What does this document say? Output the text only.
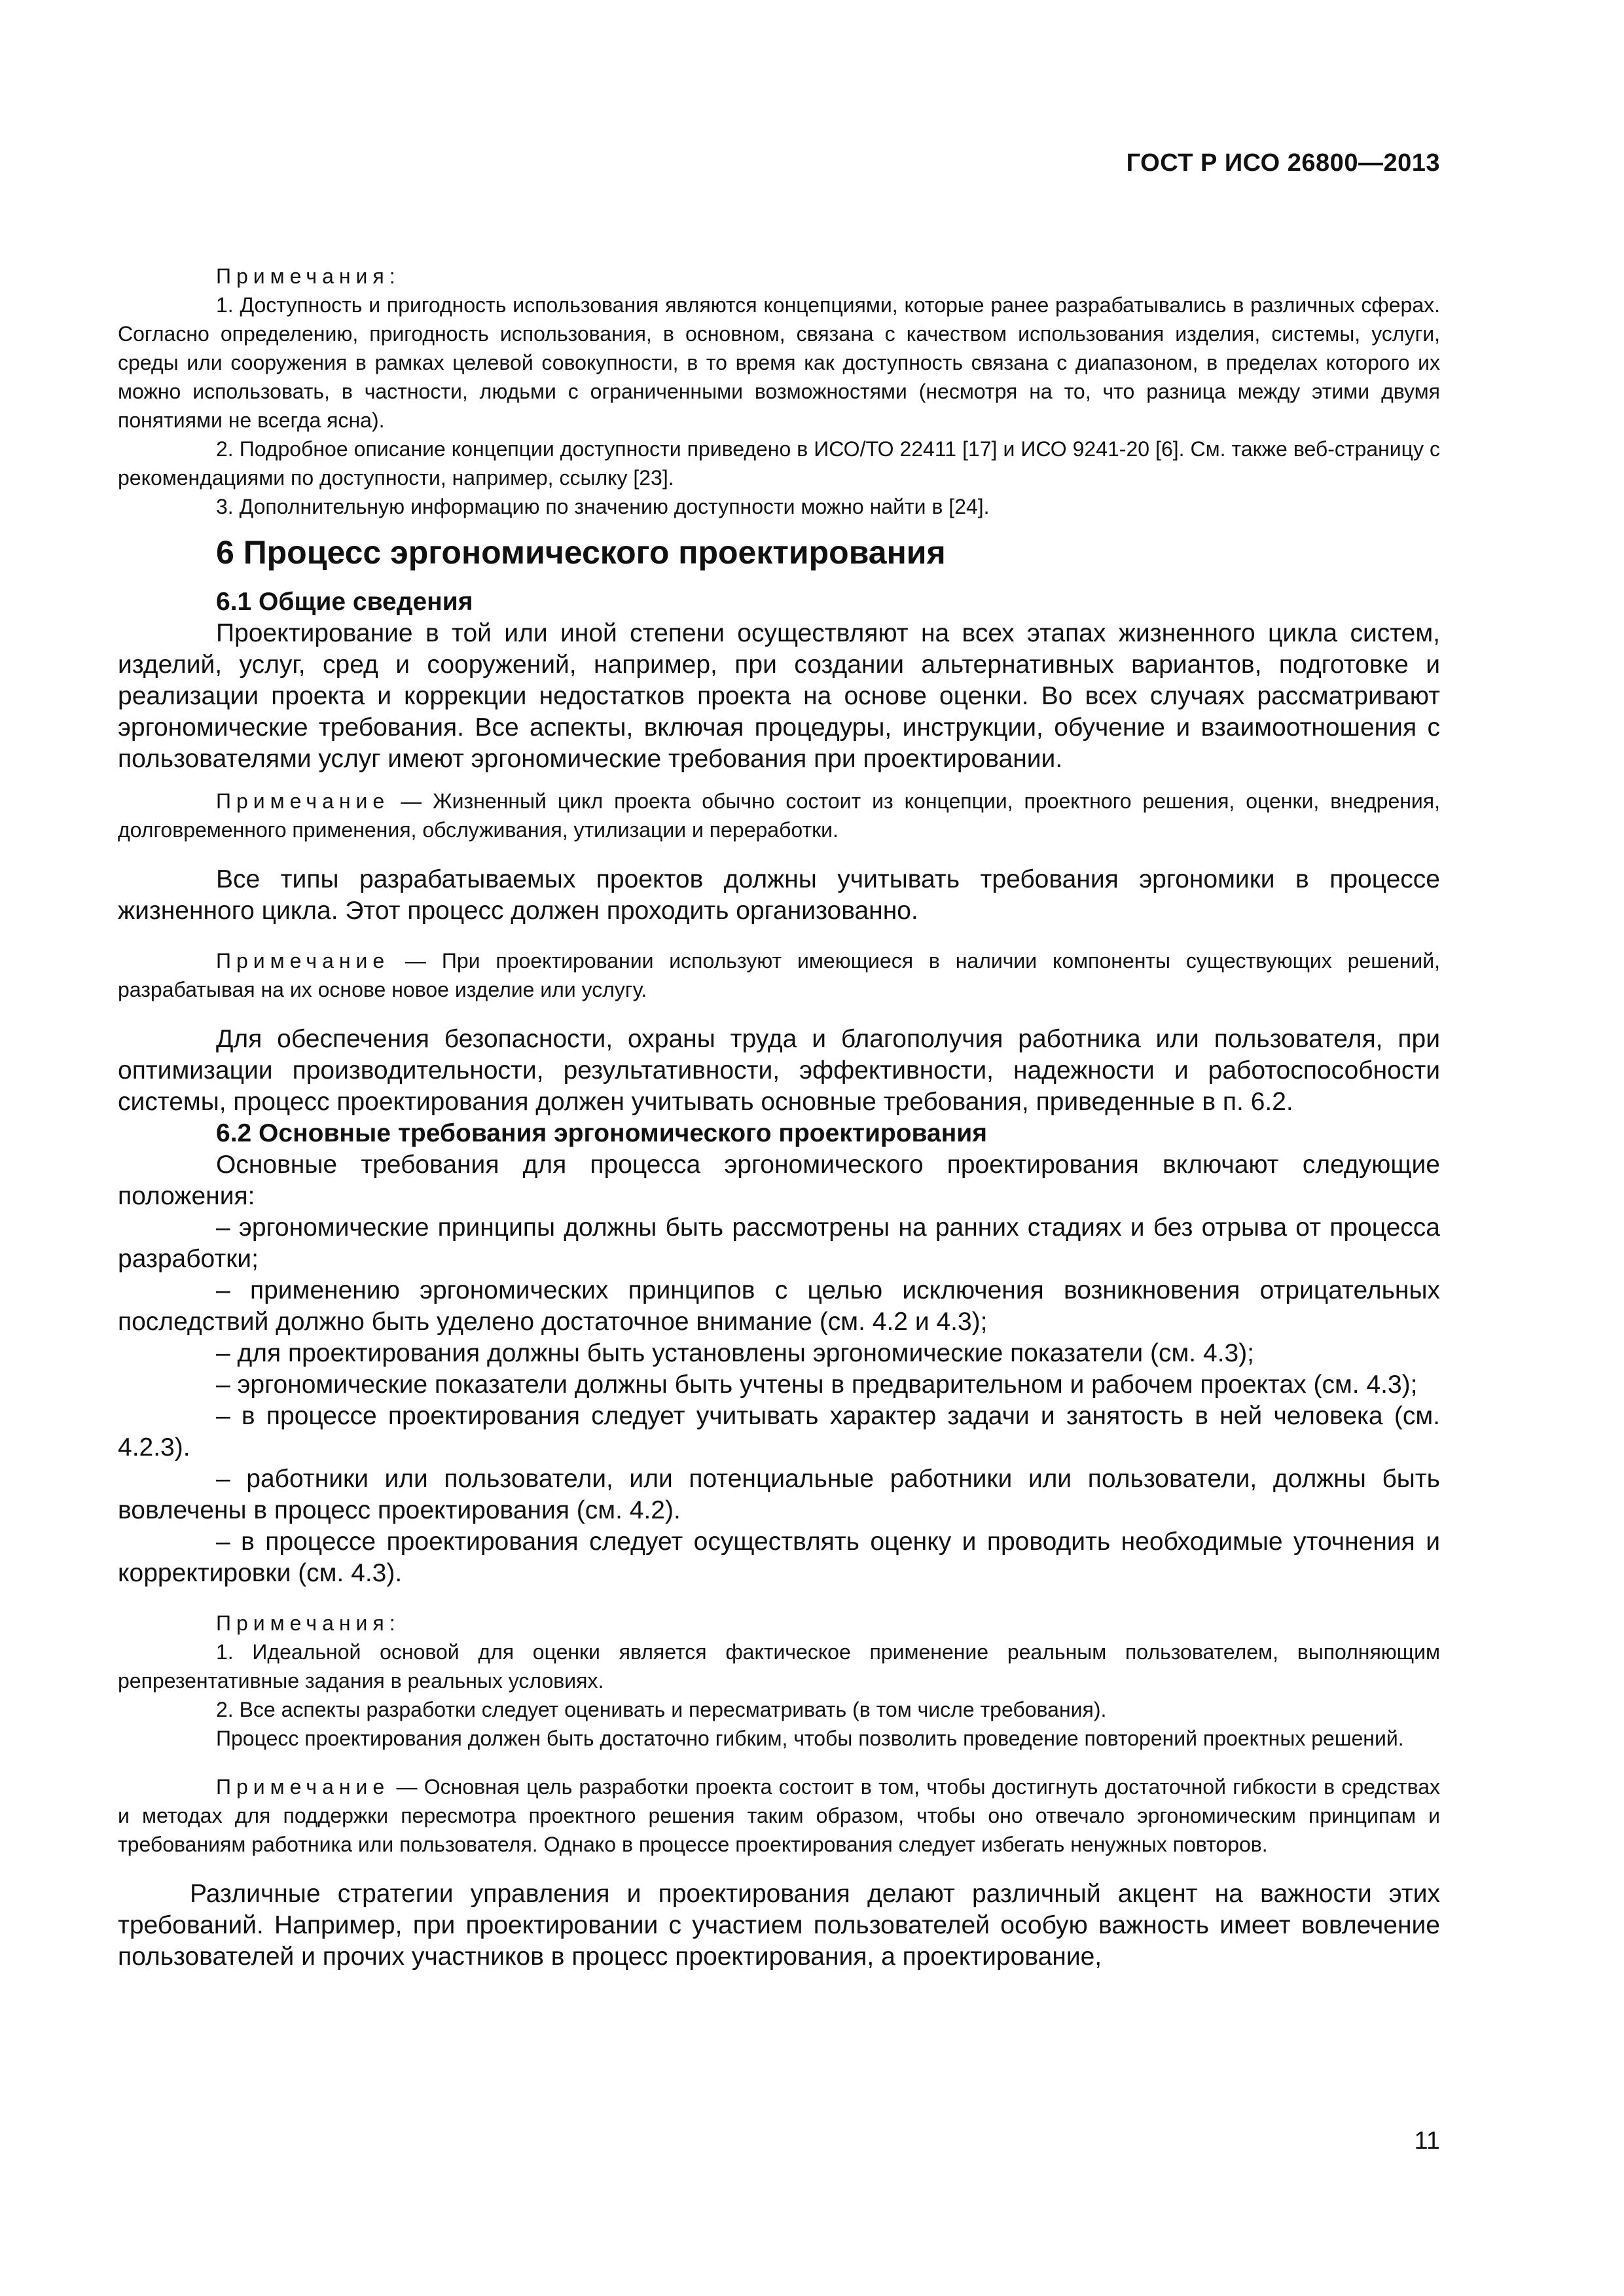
ГОСТ Р ИСО 26800—2013

Примечания:

1. Доступность и пригодность использования являются концепциями, которые ранее разрабатывались в различных сферах. Согласно определению, пригодность использования, в основном, связана с качеством использования изделия, системы, услуги, среды или сооружения в рамках целевой совокупности, в то время как доступность связана с диапазоном, в пределах которого их можно использовать, в частности, людьми с ограниченными возможностями (несмотря на то, что разница между этими двумя понятиями не всегда ясна).

2. Подробное описание концепции доступности приведено в ИСО/ТО 22411 [17] и ИСО 9241-20 [6]. См. также веб-страницу с рекомендациями по доступности, например, ссылку [23].

3. Дополнительную информацию по значению доступности можно найти в [24].

6 Процесс эргономического проектирования
6.1 Общие сведения

Проектирование в той или иной степени осуществляют на всех этапах жизненного цикла систем, изделий, услуг, сред и сооружений, например, при создании альтернативных вариантов, подготовке и реализации проекта и коррекции недостатков проекта на основе оценки. Во всех случаях рассматривают эргономические требования. Все аспекты, включая процедуры, инструкции, обучение и взаимоотношения с пользователями услуг имеют эргономические требования при проектировании.

Примечание — Жизненный цикл проекта обычно состоит из концепции, проектного решения, оценки, внедрения, долговременного применения, обслуживания, утилизации и переработки.

Все типы разрабатываемых проектов должны учитывать требования эргономики в процессе жизненного цикла. Этот процесс должен проходить организованно.

Примечание — При проектировании используют имеющиеся в наличии компоненты существующих решений, разрабатывая на их основе новое изделие или услугу.

Для обеспечения безопасности, охраны труда и благополучия работника или пользователя, при оптимизации производительности, результативности, эффективности, надежности и работоспособности системы, процесс проектирования должен учитывать основные требования, приведенные в п. 6.2.

6.2 Основные требования эргономического проектирования

Основные требования для процесса эргономического проектирования включают следующие положения:

– эргономические принципы должны быть рассмотрены на ранних стадиях и без отрыва от процесса разработки;

– применению эргономических принципов с целью исключения возникновения отрицательных последствий должно быть уделено достаточное внимание (см. 4.2 и 4.3);

– для проектирования должны быть установлены эргономические показатели (см. 4.3);

– эргономические показатели должны быть учтены в предварительном и рабочем проектах (см. 4.3);

– в процессе проектирования следует учитывать характер задачи и занятость в ней человека (см. 4.2.3).

– работники или пользователи, или потенциальные работники или пользователи, должны быть вовлечены в процесс проектирования (см. 4.2).

– в процессе проектирования следует осуществлять оценку и проводить необходимые уточнения и корректировки (см. 4.3).

Примечания:

1. Идеальной основой для оценки является фактическое применение реальным пользователем, выполняющим репрезентативные задания в реальных условиях.

2. Все аспекты разработки следует оценивать и пересматривать (в том числе требования).

Процесс проектирования должен быть достаточно гибким, чтобы позволить проведение повторений проектных решений.

Примечание — Основная цель разработки проекта состоит в том, чтобы достигнуть достаточной гибкости в средствах и методах для поддержки пересмотра проектного решения таким образом, чтобы оно отвечало эргономическим принципам и требованиям работника или пользователя. Однако в процессе проектирования следует избегать ненужных повторов.

Различные стратегии управления и проектирования делают различный акцент на важности этих требований. Например, при проектировании с участием пользователей особую важность имеет вовлечение пользователей и прочих участников в процесс проектирования, а проектирование,

11
